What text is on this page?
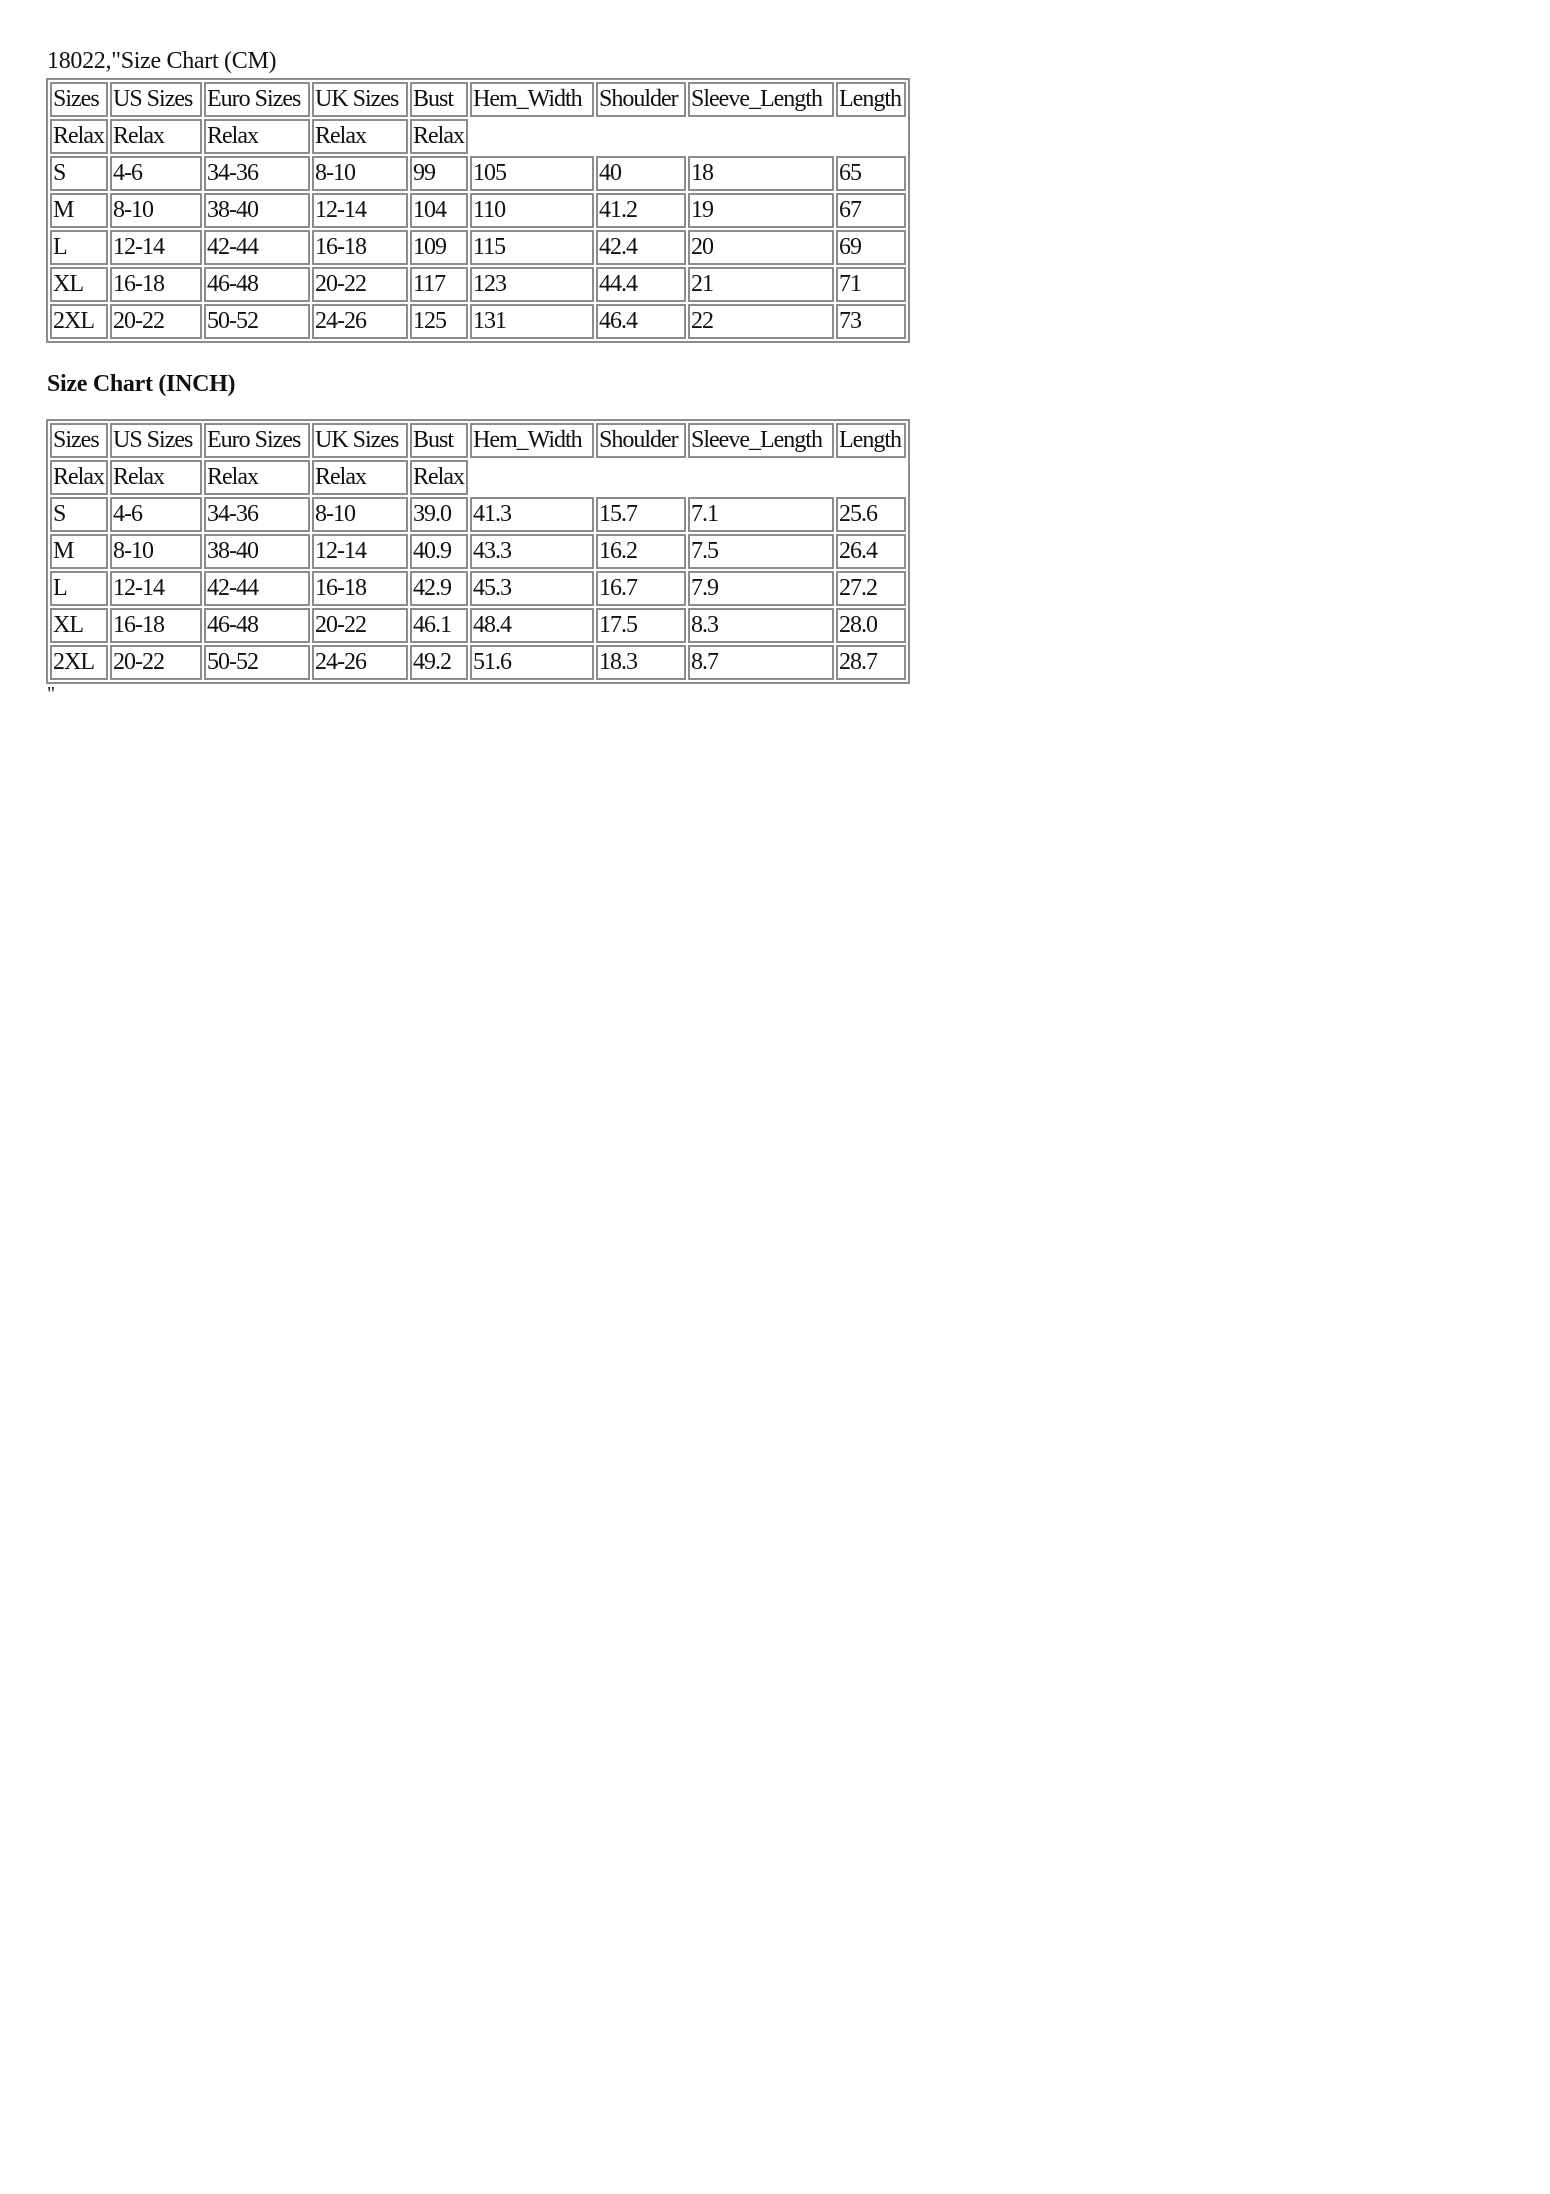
18022,"Size Chart (CM)
Sizes	US Sizes	Euro Sizes	UK Sizes	Bust	Hem_Width	Shoulder	Sleeve_Length	Length
Relax	Relax	Relax	Relax	Relax				
S	4-6	34-36	8-10	99	105	40	18	65
M	8-10	38-40	12-14	104	110	41.2	19	67
L	12-14	42-44	16-18	109	115	42.4	20	69
XL	16-18	46-48	20-22	117	123	44.4	21	71
2XL	20-22	50-52	24-26	125	131	46.4	22	73
Size Chart (INCH)
Sizes	US Sizes	Euro Sizes	UK Sizes	Bust	Hem_Width	Shoulder	Sleeve_Length	Length
Relax	Relax	Relax	Relax	Relax				
S	4-6	34-36	8-10	39.0	41.3	15.7	7.1	25.6
M	8-10	38-40	12-14	40.9	43.3	16.2	7.5	26.4
L	12-14	42-44	16-18	42.9	45.3	16.7	7.9	27.2
XL	16-18	46-48	20-22	46.1	48.4	17.5	8.3	28.0
2XL	20-22	50-52	24-26	49.2	51.6	18.3	8.7	28.7
"
